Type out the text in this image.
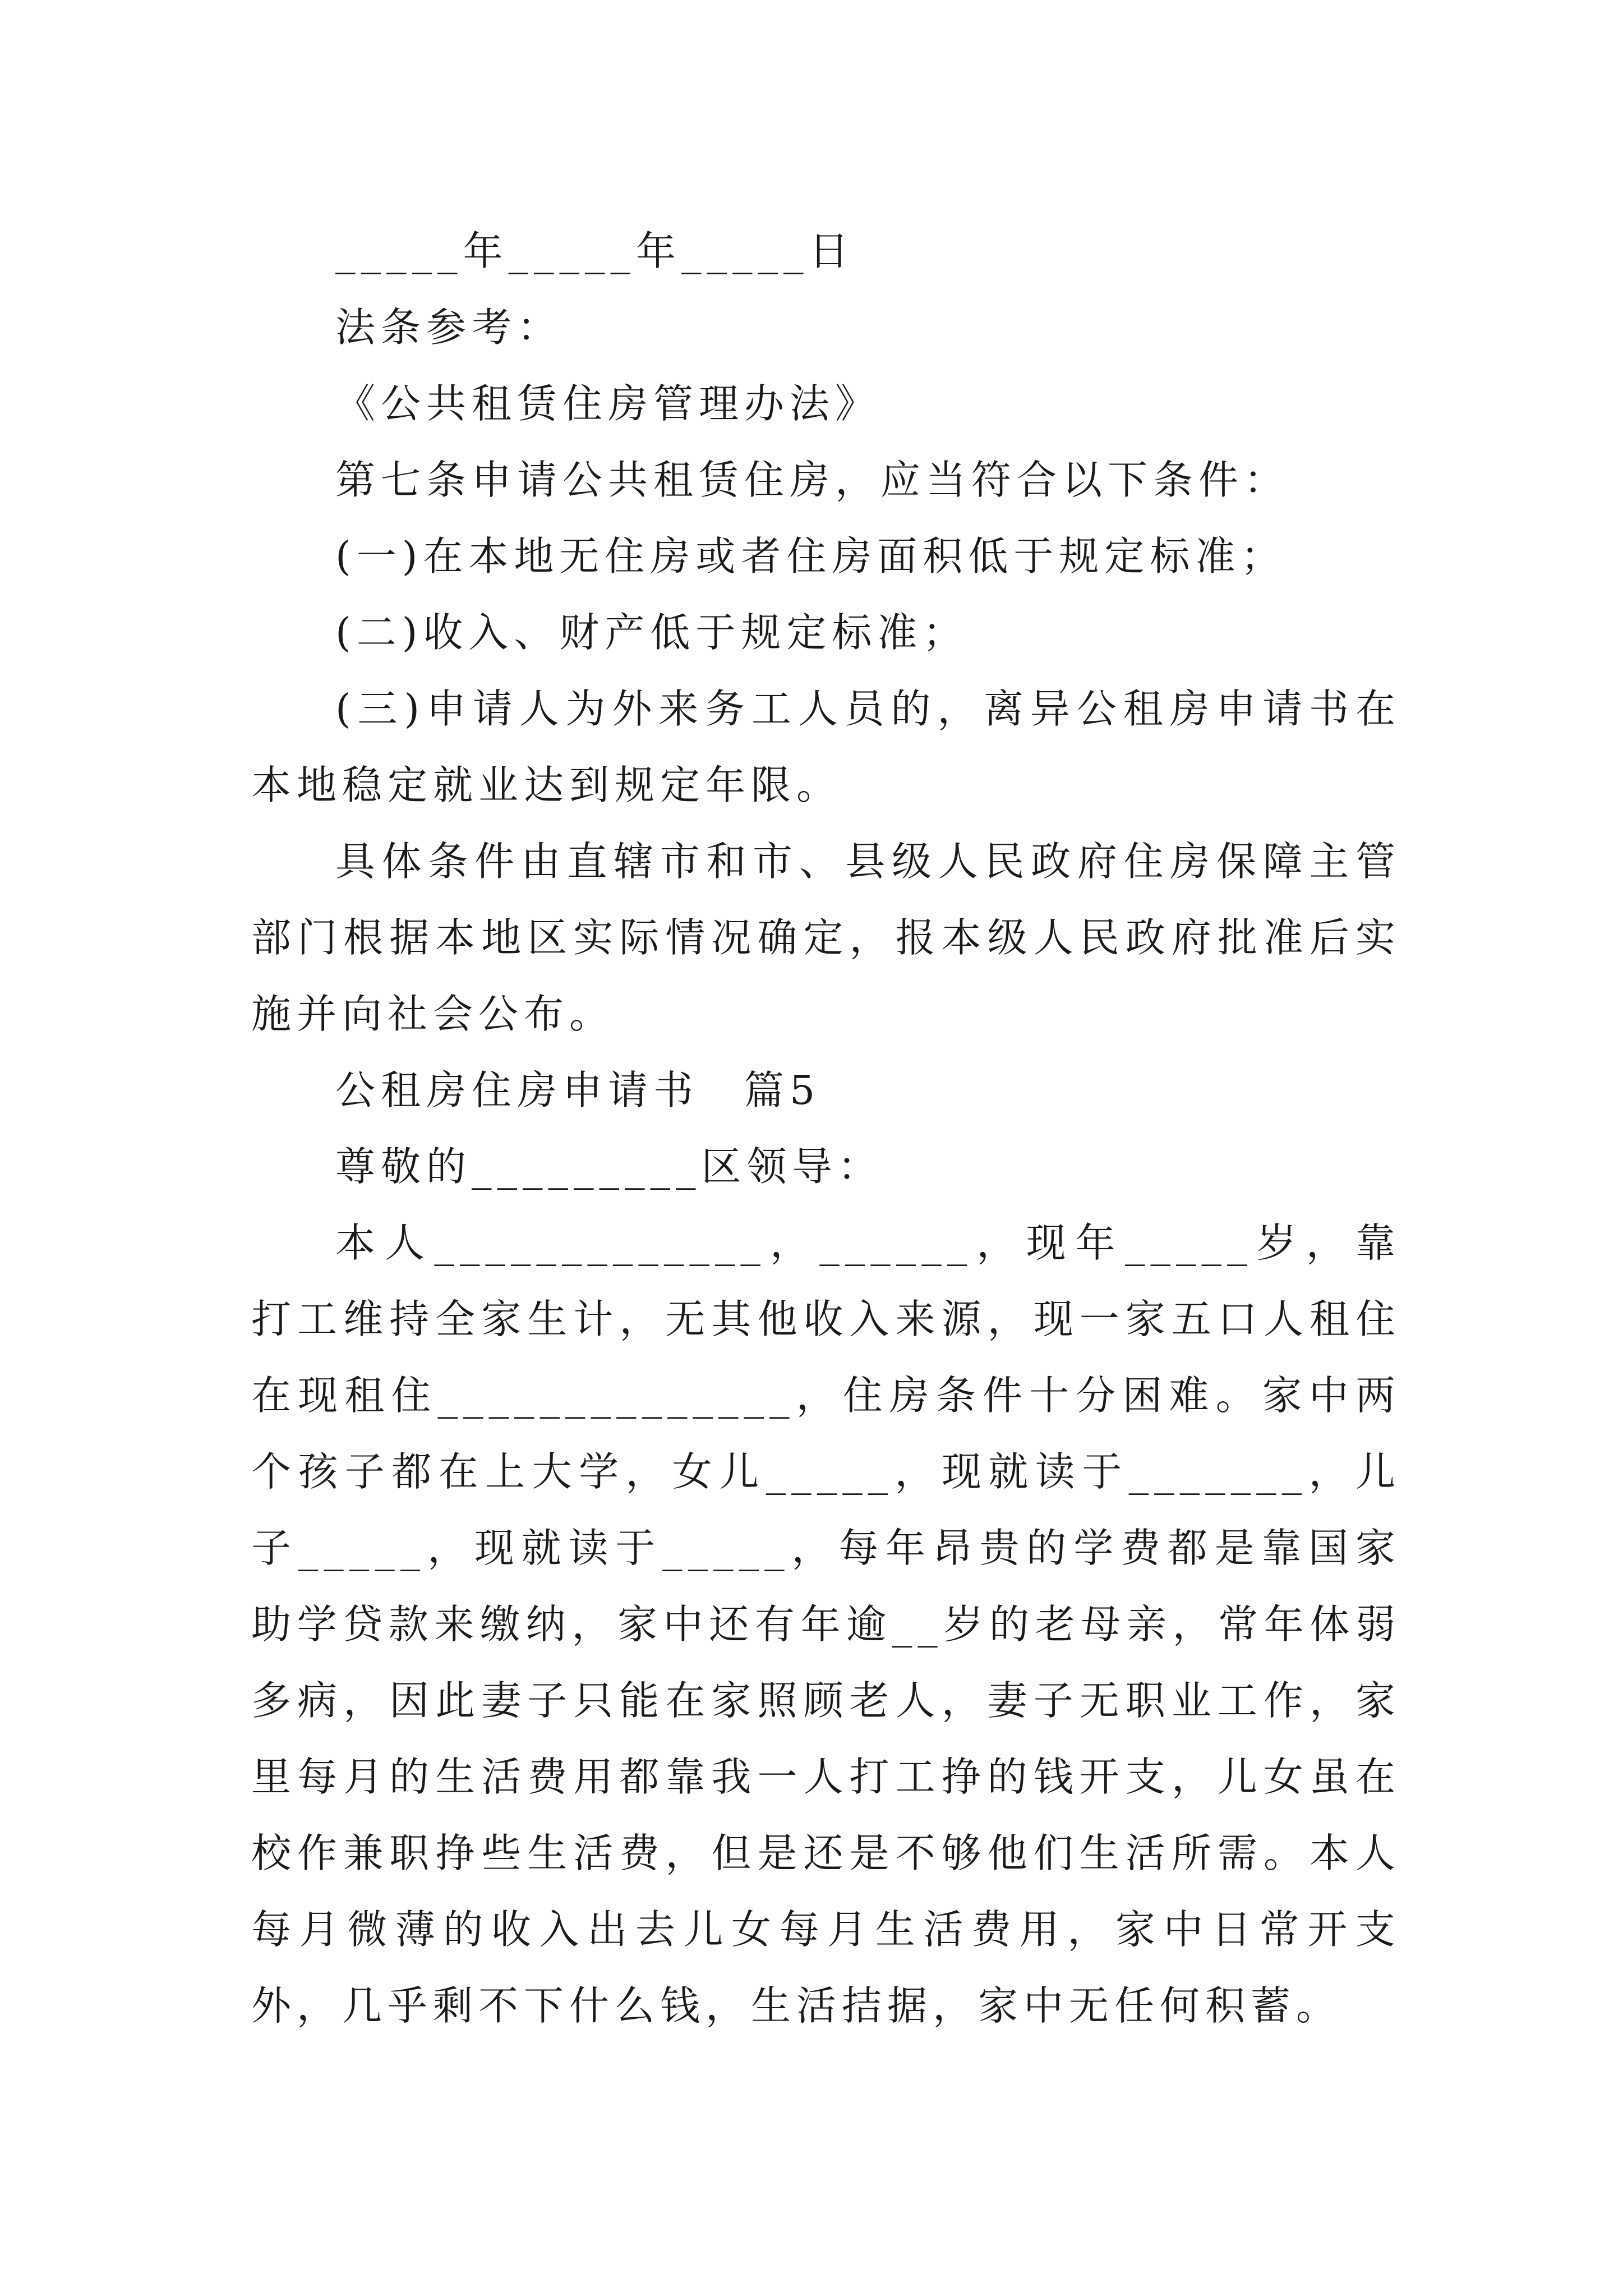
_____年_____年_____日

法条参考：

《公共租赁住房管理办法》

第七条申请公共租赁住房，应当符合以下条件：

(一)在本地无住房或者住房面积低于规定标准；

(二)收入、财产低于规定标准；

(三)申请人为外来务工人员的，离异公租房申请书在本地稳定就业达到规定年限。

具体条件由直辖市和市、县级人民政府住房保障主管部门根据本地区实际情况确定，报本级人民政府批准后实施并向社会公布。

公租房住房申请书　篇5

尊敬的_________区领导：

本人_____________，______，现年_____岁，靠打工维持全家生计，无其他收入来源，现一家五口人租住在现租住______________，住房条件十分困难。家中两个孩子都在上大学，女儿_____，现就读于_______，儿子_____，现就读于_____，每年昂贵的学费都是靠国家助学贷款来缴纳，家中还有年逾__岁的老母亲，常年体弱多病，因此妻子只能在家照顾老人，妻子无职业工作，家里每月的生活费用都靠我一人打工挣的钱开支，儿女虽在校作兼职挣些生活费，但是还是不够他们生活所需。本人每月微薄的收入出去儿女每月生活费用，家中日常开支外，几乎剩不下什么钱，生活拮据，家中无任何积蓄。
